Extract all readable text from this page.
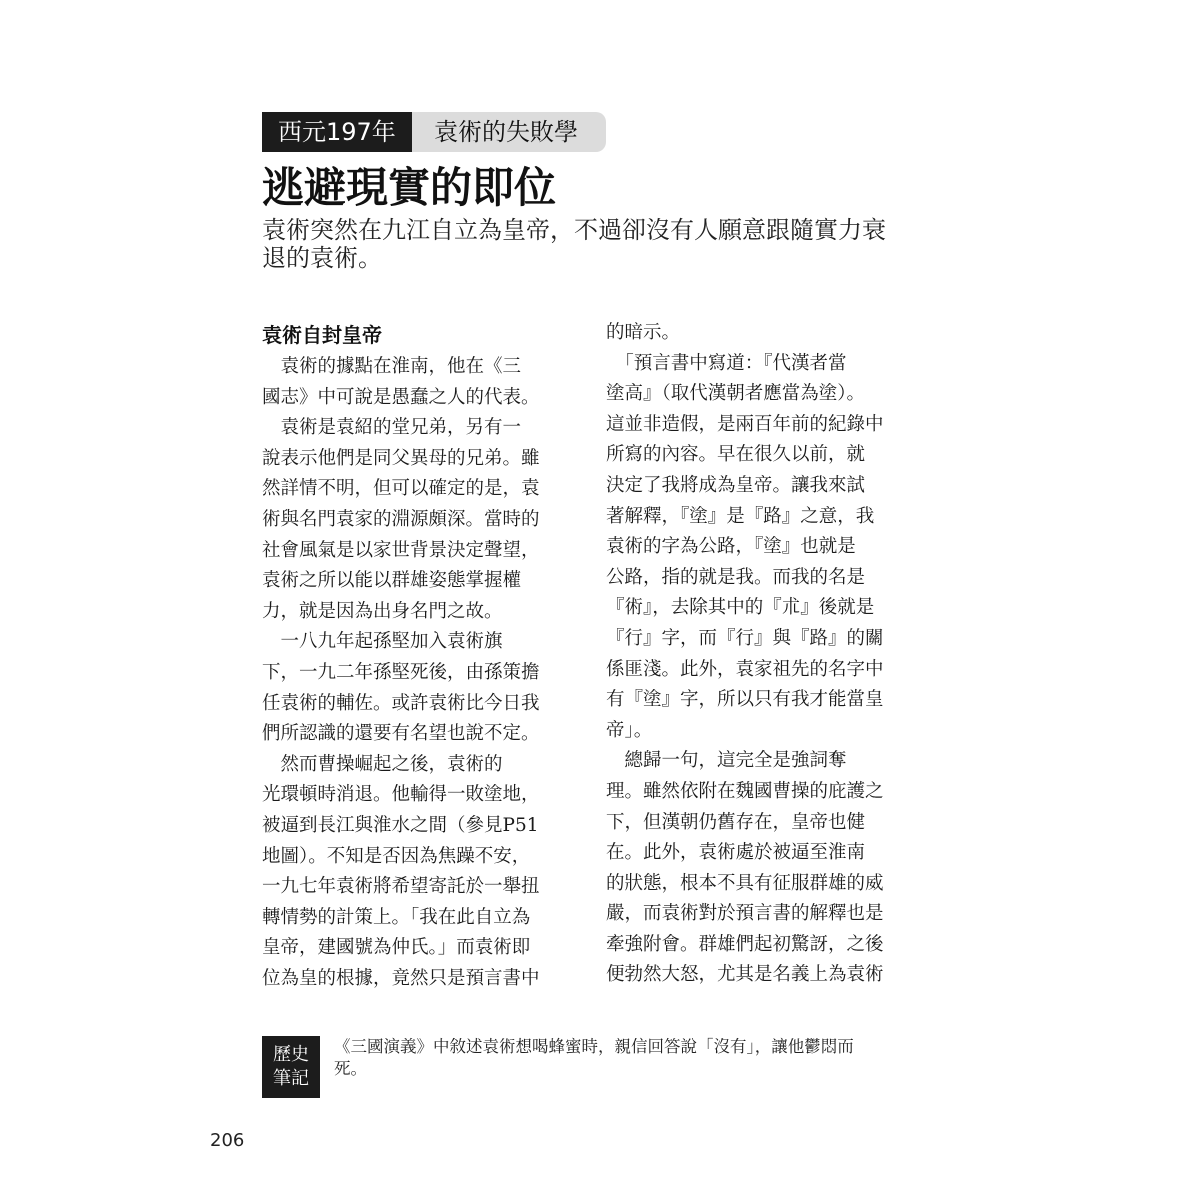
西元197年	袁術的失敗學
逃避現實的即位
袁術突然在九江自立為皇帝，不過卻沒有人願意跟隨實力衰
退的袁術。
袁術自封皇帝
　袁術的據點在淮南，他在《三
國志》中可說是愚蠢之人的代表。
　袁術是袁紹的堂兄弟，另有一
說表示他們是同父異母的兄弟。雖
然詳情不明，但可以確定的是，袁
術與名門袁家的淵源頗深。當時的
社會風氣是以家世背景決定聲望，
袁術之所以能以群雄姿態掌握權
力，就是因為出身名門之故。
　一八九年起孫堅加入袁術旗
下，一九二年孫堅死後，由孫策擔
任袁術的輔佐。或許袁術比今日我
們所認識的還要有名望也說不定。
　然而曹操崛起之後，袁術的
光環頓時消退。他輸得一敗塗地，
被逼到長江與淮水之間（參見P51
地圖）。不知是否因為焦躁不安，
一九七年袁術將希望寄託於一舉扭
轉情勢的計策上。「我在此自立為
皇帝，建國號為仲氏。」而袁術即
位為皇的根據，竟然只是預言書中
的暗示。
　「預言書中寫道：『代漢者當
塗高』（取代漢朝者應當為塗）。
這並非造假，是兩百年前的紀錄中
所寫的內容。早在很久以前，就
決定了我將成為皇帝。讓我來試
著解釋，『塗』是『路』之意，我
袁術的字為公路，『塗』也就是
公路，指的就是我。而我的名是
『術』，去除其中的『朮』後就是
『行』字，而『行』與『路』的關
係匪淺。此外，袁家祖先的名字中
有『塗』字，所以只有我才能當皇
帝」。
　總歸一句，這完全是強詞奪
理。雖然依附在魏國曹操的庇護之
下，但漢朝仍舊存在，皇帝也健
在。此外，袁術處於被逼至淮南
的狀態，根本不具有征服群雄的威
嚴，而袁術對於預言書的解釋也是
牽強附會。群雄們起初驚訝，之後
便勃然大怒，尤其是名義上為袁術
歷史
筆記
《三國演義》中敘述袁術想喝蜂蜜時，親信回答說「沒有」，讓他鬱悶而
死。
206
